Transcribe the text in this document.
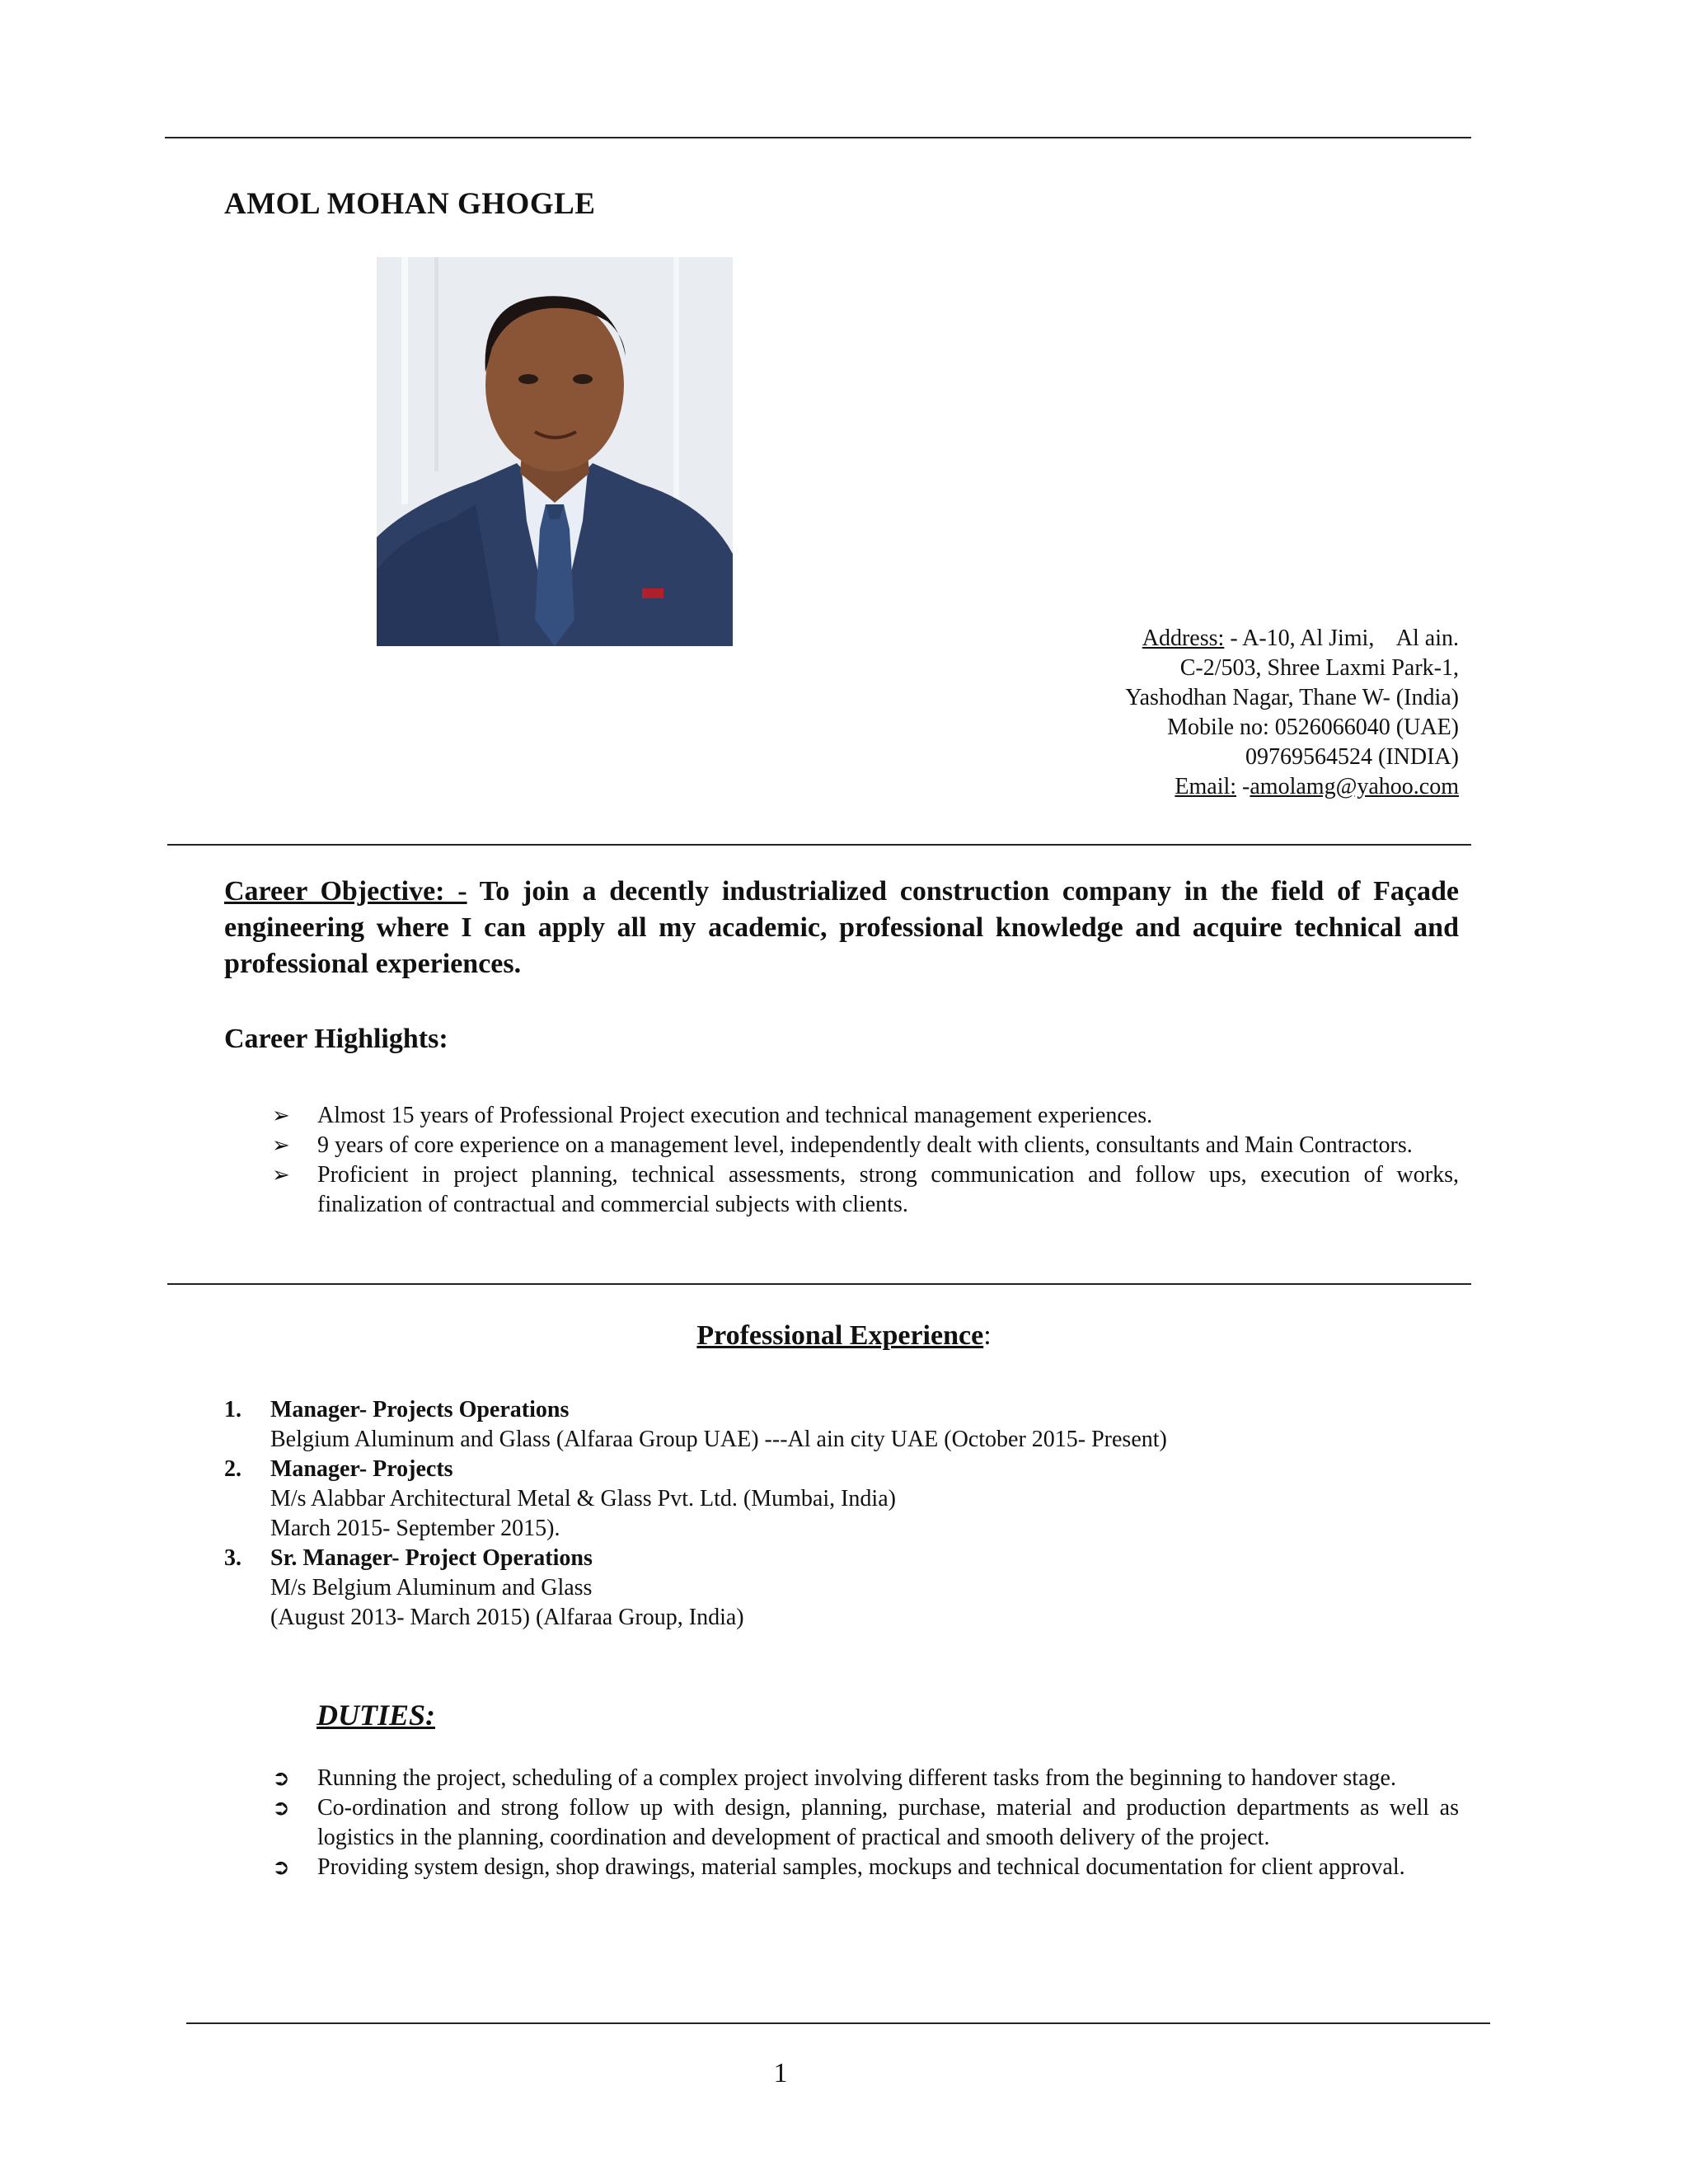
AMOL MOHAN GHOGLE
Address: - A-10, Al Jimi,    Al ain.
C-2/503, Shree Laxmi Park-1,
Yashodhan Nagar, Thane W- (India)
Mobile no: 0526066040 (UAE)
09769564524 (INDIA)
Email: -amolamg@yahoo.com
Career Objective: - To join a decently industrialized construction company in the field of Façade engineering where I can apply all my academic, professional knowledge and acquire technical and professional experiences.
Career Highlights:
➢ Almost 15 years of Professional Project execution and technical management experiences.
➢ 9 years of core experience on a management level, independently dealt with clients, consultants and Main Contractors.
➢ Proficient in project planning, technical assessments, strong communication and follow ups, execution of works, finalization of contractual and commercial subjects with clients.
Professional Experience:
1. Manager- Projects Operations
Belgium Aluminum and Glass (Alfaraa Group UAE) ---Al ain city UAE (October 2015- Present)
2. Manager- Projects
M/s Alabbar Architectural Metal & Glass Pvt. Ltd. (Mumbai, India)
March 2015- September 2015).
3. Sr. Manager- Project Operations
M/s Belgium Aluminum and Glass
(August 2013- March 2015) (Alfaraa Group, India)
DUTIES:
➲ Running the project, scheduling of a complex project involving different tasks from the beginning to handover stage.
➲ Co-ordination and strong follow up with design, planning, purchase, material and production departments as well as logistics in the planning, coordination and development of practical and smooth delivery of the project.
➲ Providing system design, shop drawings, material samples, mockups and technical documentation for client approval.
1
